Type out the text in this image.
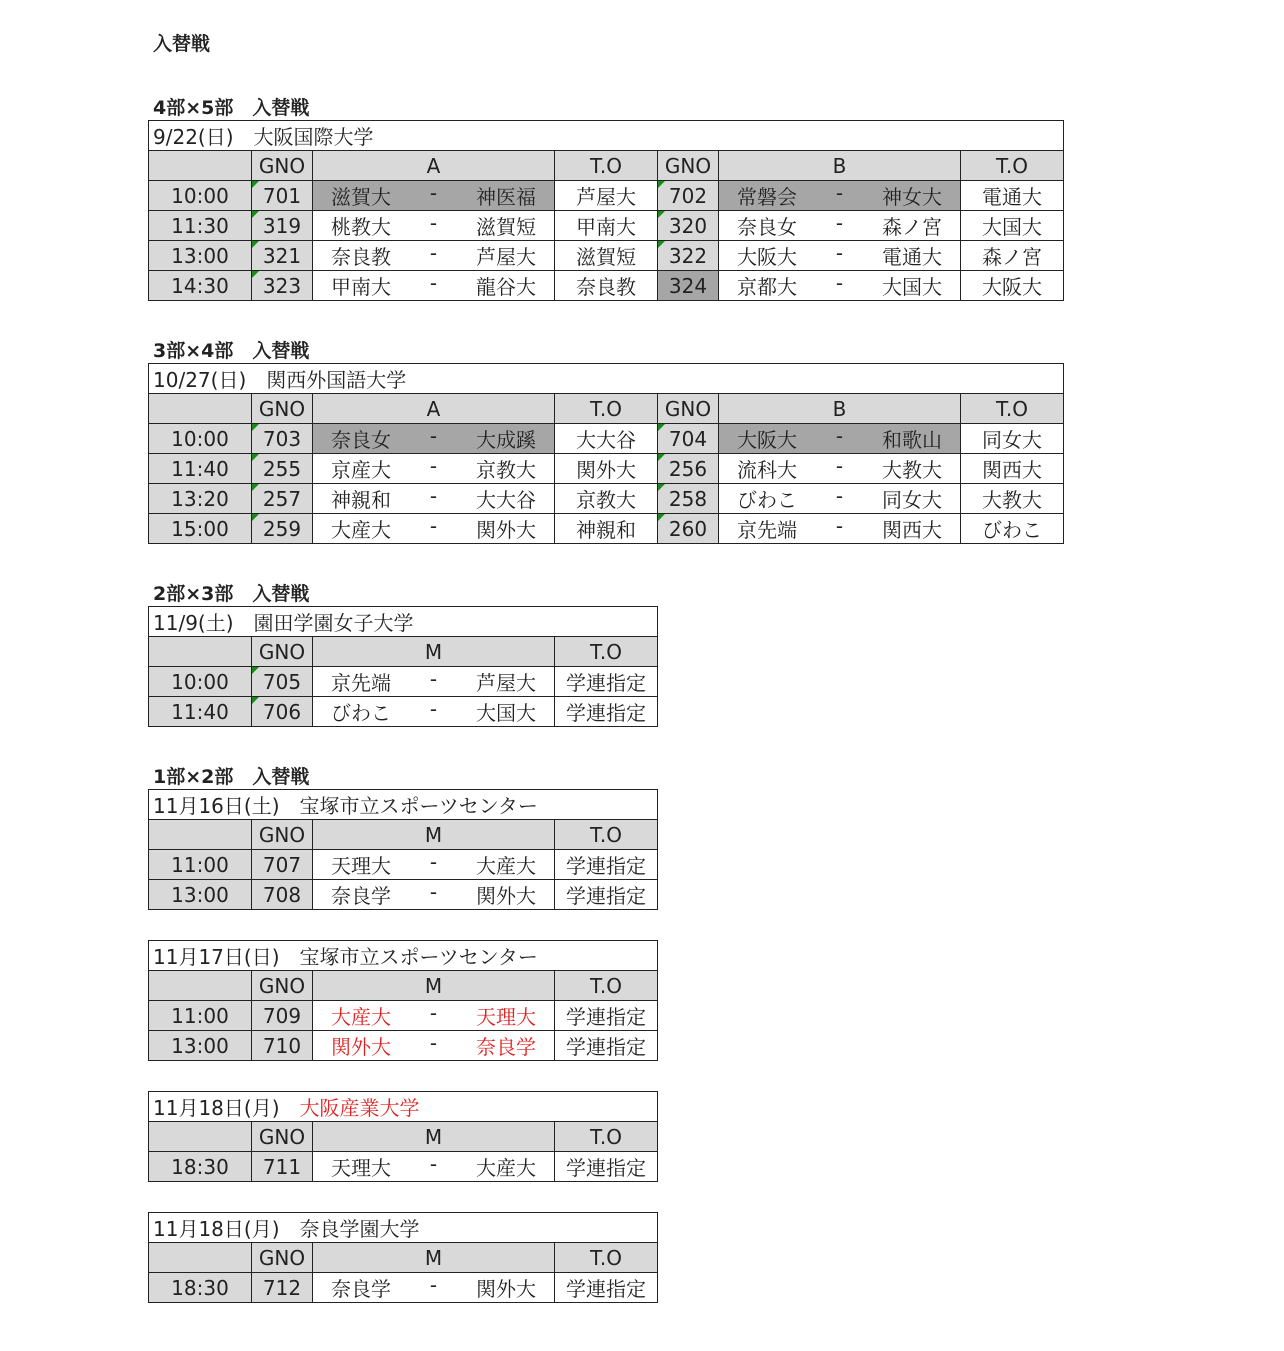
入替戦
4部×5部　入替戦
9/22(日)　 大阪国際大学						
	GNO	A	T.O	GNO	B	T.O
10:00	701	滋賀大 - 神医福	芦屋大	702	常磐会 - 神女大	電通大
11:30	319	桃教大 - 滋賀短	甲南大	320	奈良女 - 森ノ宮	大国大
13:00	321	奈良教 - 芦屋大	滋賀短	322	大阪大 - 電通大	森ノ宮
14:30	323	甲南大 - 龍谷大	奈良教	324	京都大 - 大国大	大阪大
3部×4部　入替戦
10/27(日)　 関西外国語大学						
	GNO	A	T.O	GNO	B	T.O
10:00	703	奈良女 - 大成蹊	大大谷	704	大阪大 - 和歌山	同女大
11:40	255	京産大 - 京教大	関外大	256	流科大 - 大教大	関西大
13:20	257	神親和 - 大大谷	京教大	258	びわこ - 同女大	大教大
15:00	259	大産大 - 関外大	神親和	260	京先端 - 関西大	びわこ
2部×3部　入替戦
11/9(土)　 園田学園女子大学			
	GNO	M	T.O
10:00	705	京先端 - 芦屋大	学連指定
11:40	706	びわこ - 大国大	学連指定
1部×2部　入替戦
11月16日(土)　 宝塚市立スポーツセンター			
	GNO	M	T.O
11:00	707	天理大 - 大産大	学連指定
13:00	708	奈良学 - 関外大	学連指定
11月17日(日)　 宝塚市立スポーツセンター			
	GNO	M	T.O
11:00	709	大産大 - 天理大	学連指定
13:00	710	関外大 - 奈良学	学連指定
11月18日(月)　 大阪産業大学			
	GNO	M	T.O
18:30	711	天理大 - 大産大	学連指定
11月18日(月)　 奈良学園大学			
	GNO	M	T.O
18:30	712	奈良学 - 関外大	学連指定
